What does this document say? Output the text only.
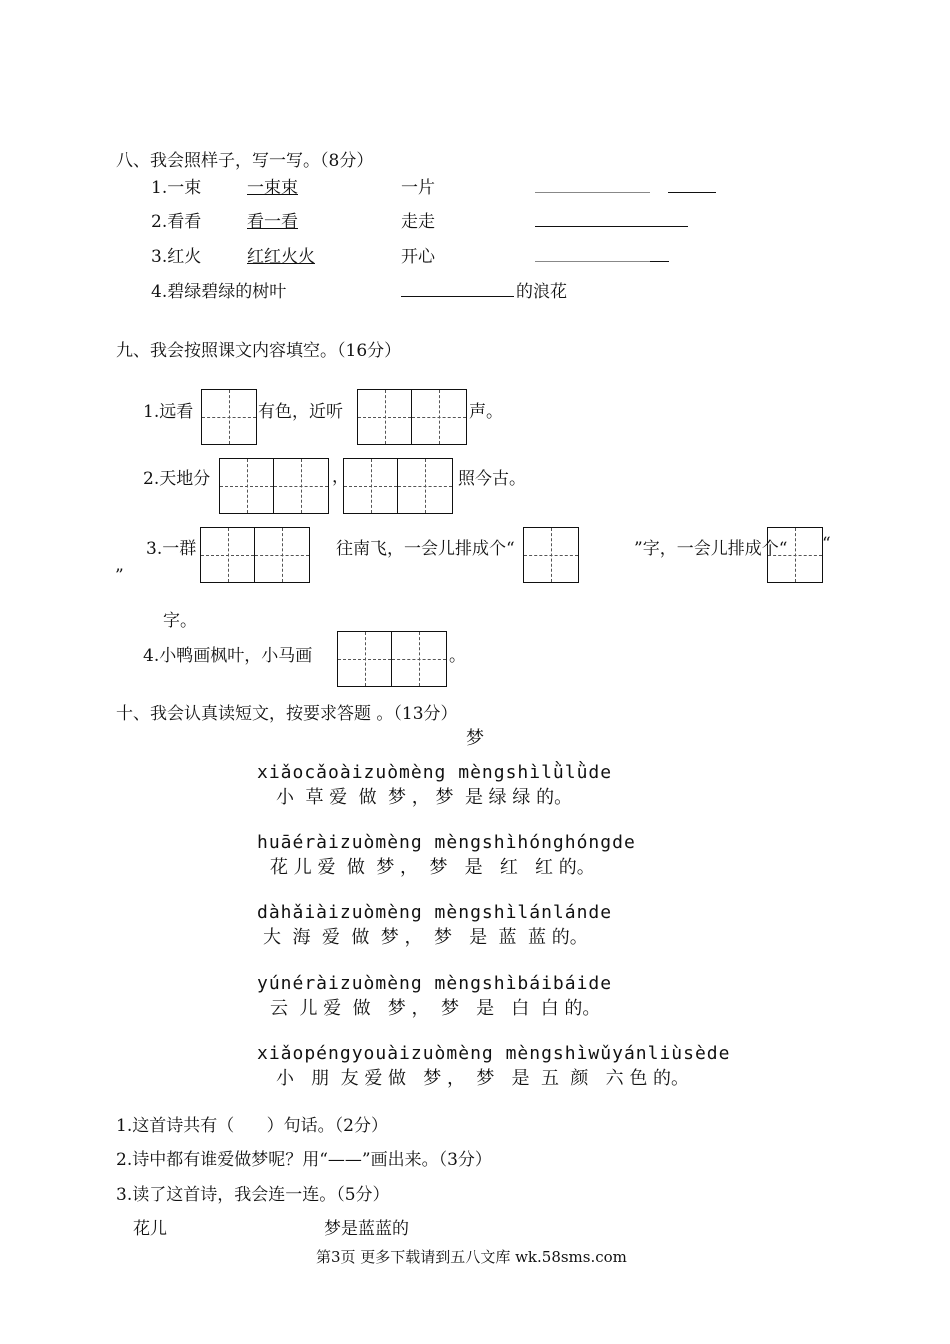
八、我会照样子，写一写。（8分）
1.一束	一束束	一片
2.看看	看一看	走走
3.红火	红红火火	开心
4.碧绿碧绿的树叶	的浪花
九、我会按照课文内容填空。（16分）
1.远看	有色，近听	声。
2.天地分	，	照今古。
3.一群	往南飞，一会儿排成个“	”字，一会儿排成个“ “
”
字。
4.小鸭画枫叶，小马画	。
十、我会认真读短文，按要求答题 。（13分）
梦
xiǎocǎoàizuòmèng mèngshìlǜlǜde
小  草 爱  做  梦 ， 梦  是 绿 绿 的。
huāéràizuòmèng mèngshìhónghóngde
花 儿 爱  做  梦 ，  梦   是   红   红 的。
dàhǎiàizuòmèng mèngshìlánlánde
大  海  爱  做  梦 ，  梦   是  蓝  蓝 的。
yúnéràizuòmèng mèngshìbáibáide
云  儿 爱  做   梦 ，  梦   是   白  白 的。
xiǎopéngyouàizuòmèng mèngshìwǔyánliùsède
小   朋  友 爱 做   梦 ，  梦   是  五  颜   六 色 的。
1.这首诗共有（      ）句话。（2分）
2.诗中都有谁爱做梦呢？用“——”画出来。（3分）
3.读了这首诗，我会连一连。（5分）
花儿	梦是蓝蓝的
第3页 更多下载请到五八文库 wk.58sms.com
